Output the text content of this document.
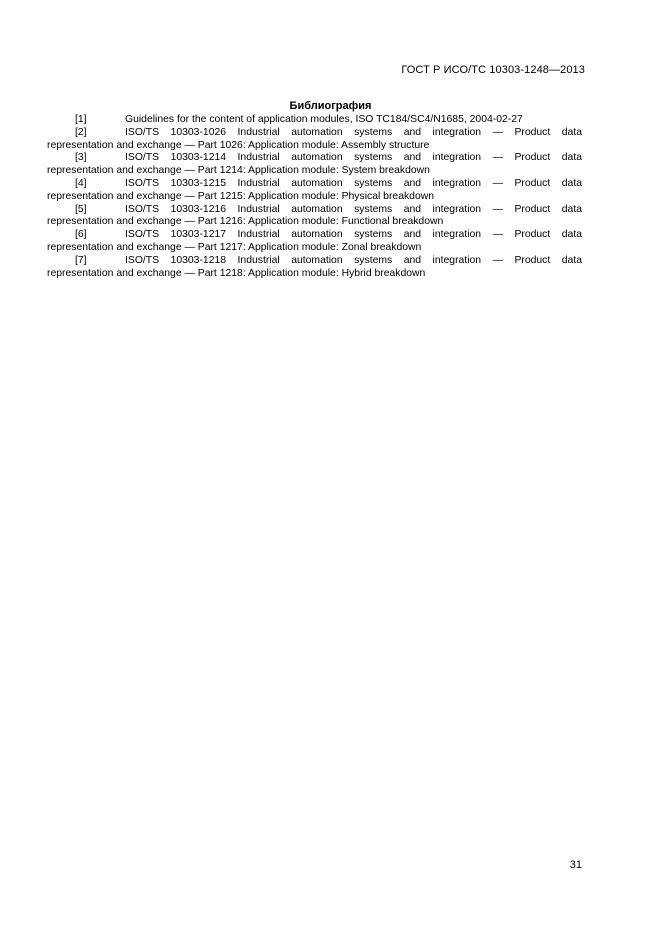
ГОСТ Р ИСО/ТС 10303-1248—2013
Библиография
[1]	Guidelines for the content of application modules, ISO TC184/SC4/N1685, 2004-02-27
[2]	ISO/TS 10303-1026 Industrial automation systems and integration — Product data
representation and exchange — Part 1026: Application module: Assembly structure
[3]	ISO/TS 10303-1214 Industrial automation systems and integration — Product data
representation and exchange — Part 1214: Application module: System breakdown
[4]	ISO/TS 10303-1215 Industrial automation systems and integration — Product data
representation and exchange — Part 1215: Application module: Physical breakdown
[5]	ISO/TS 10303-1216 Industrial automation systems and integration — Product data
representation and exchange — Part 1216: Application module: Functional breakdown
[6]	ISO/TS 10303-1217 Industrial automation systems and integration — Product data
representation and exchange — Part 1217: Application module: Zonal breakdown
[7]	ISO/TS 10303-1218 Industrial automation systems and integration — Product data
representation and exchange — Part 1218: Application module: Hybrid breakdown
31
